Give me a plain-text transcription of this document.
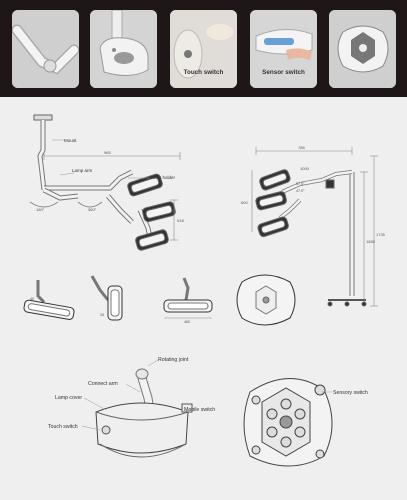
Touch switch	Sensor switch
Mount
Lamp arm
Lamp holder
965
180°	360°
518
785
1000
600
57.5°
47.5°
1650
1735
40
35
460
Rotating joint
Connect arm
Lamp cover
Mobile switch
Touch switch
Sensory switch
